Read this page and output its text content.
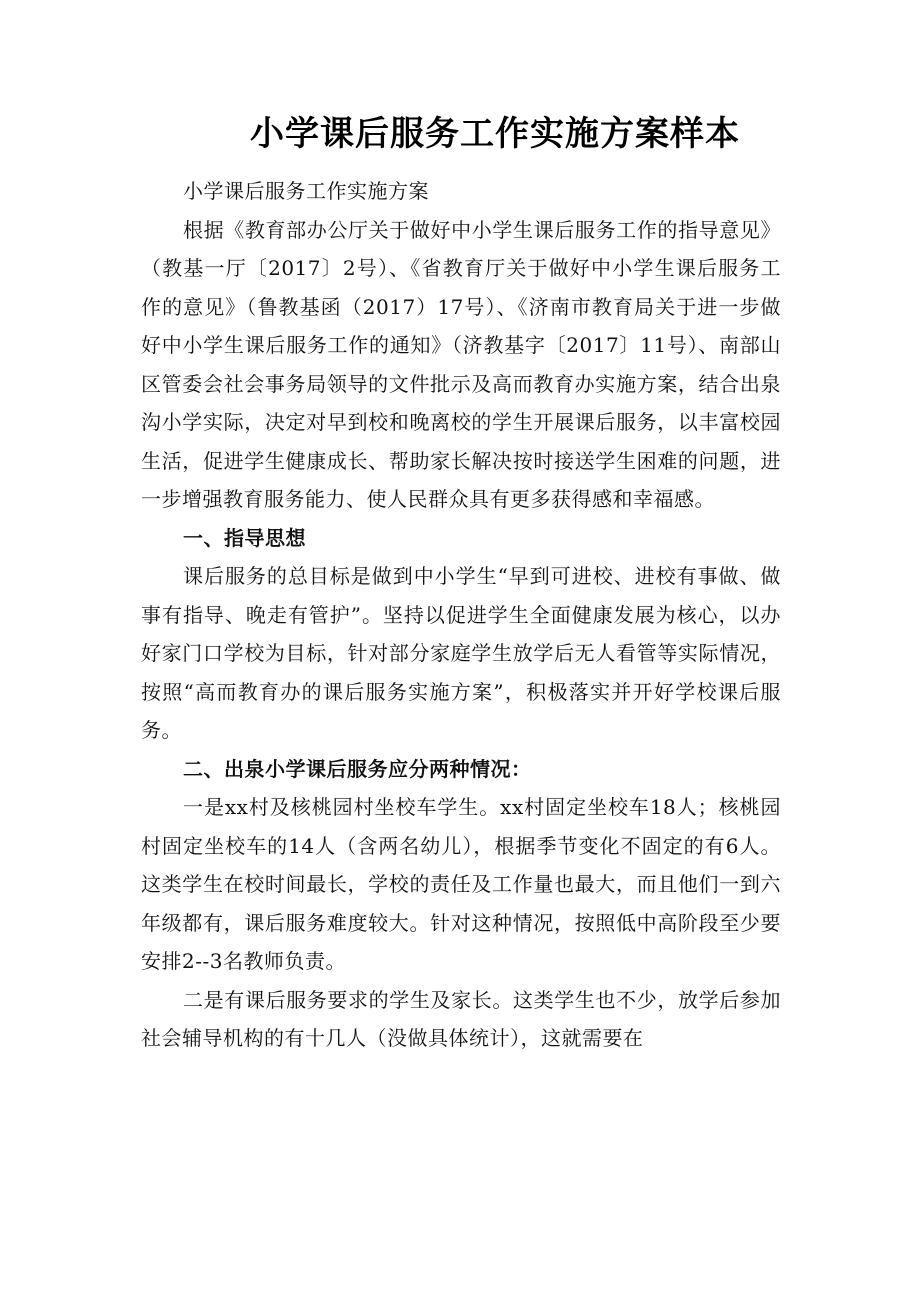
小学课后服务工作实施方案样本

小学课后服务工作实施方案

根据《教育部办公厅关于做好中小学生课后服务工作的指导意见》（教基一厅〔2017〕2号）、《省教育厅关于做好中小学生课后服务工作的意见》（鲁教基函（2017）17号）、《济南市教育局关于进一步做好中小学生课后服务工作的通知》（济教基字〔2017〕11号）、南部山区管委会社会事务局领导的文件批示及高而教育办实施方案，结合出泉沟小学实际，决定对早到校和晚离校的学生开展课后服务，以丰富校园生活，促进学生健康成长、帮助家长解决按时接送学生困难的问题，进一步增强教育服务能力、使人民群众具有更多获得感和幸福感。

一、指导思想

课后服务的总目标是做到中小学生“早到可进校、进校有事做、做事有指导、晚走有管护”。坚持以促进学生全面健康发展为核心，以办好家门口学校为目标，针对部分家庭学生放学后无人看管等实际情况，按照“高而教育办的课后服务实施方案”，积极落实并开好学校课后服务。

二、出泉小学课后服务应分两种情况：

一是xx村及核桃园村坐校车学生。xx村固定坐校车18人；核桃园村固定坐校车的14人（含两名幼儿），根据季节变化不固定的有6人。这类学生在校时间最长，学校的责任及工作量也最大，而且他们一到六年级都有，课后服务难度较大。针对这种情况，按照低中高阶段至少要安排2--3名教师负责。

二是有课后服务要求的学生及家长。这类学生也不少，放学后参加社会辅导机构的有十几人（没做具体统计），这就需要在
